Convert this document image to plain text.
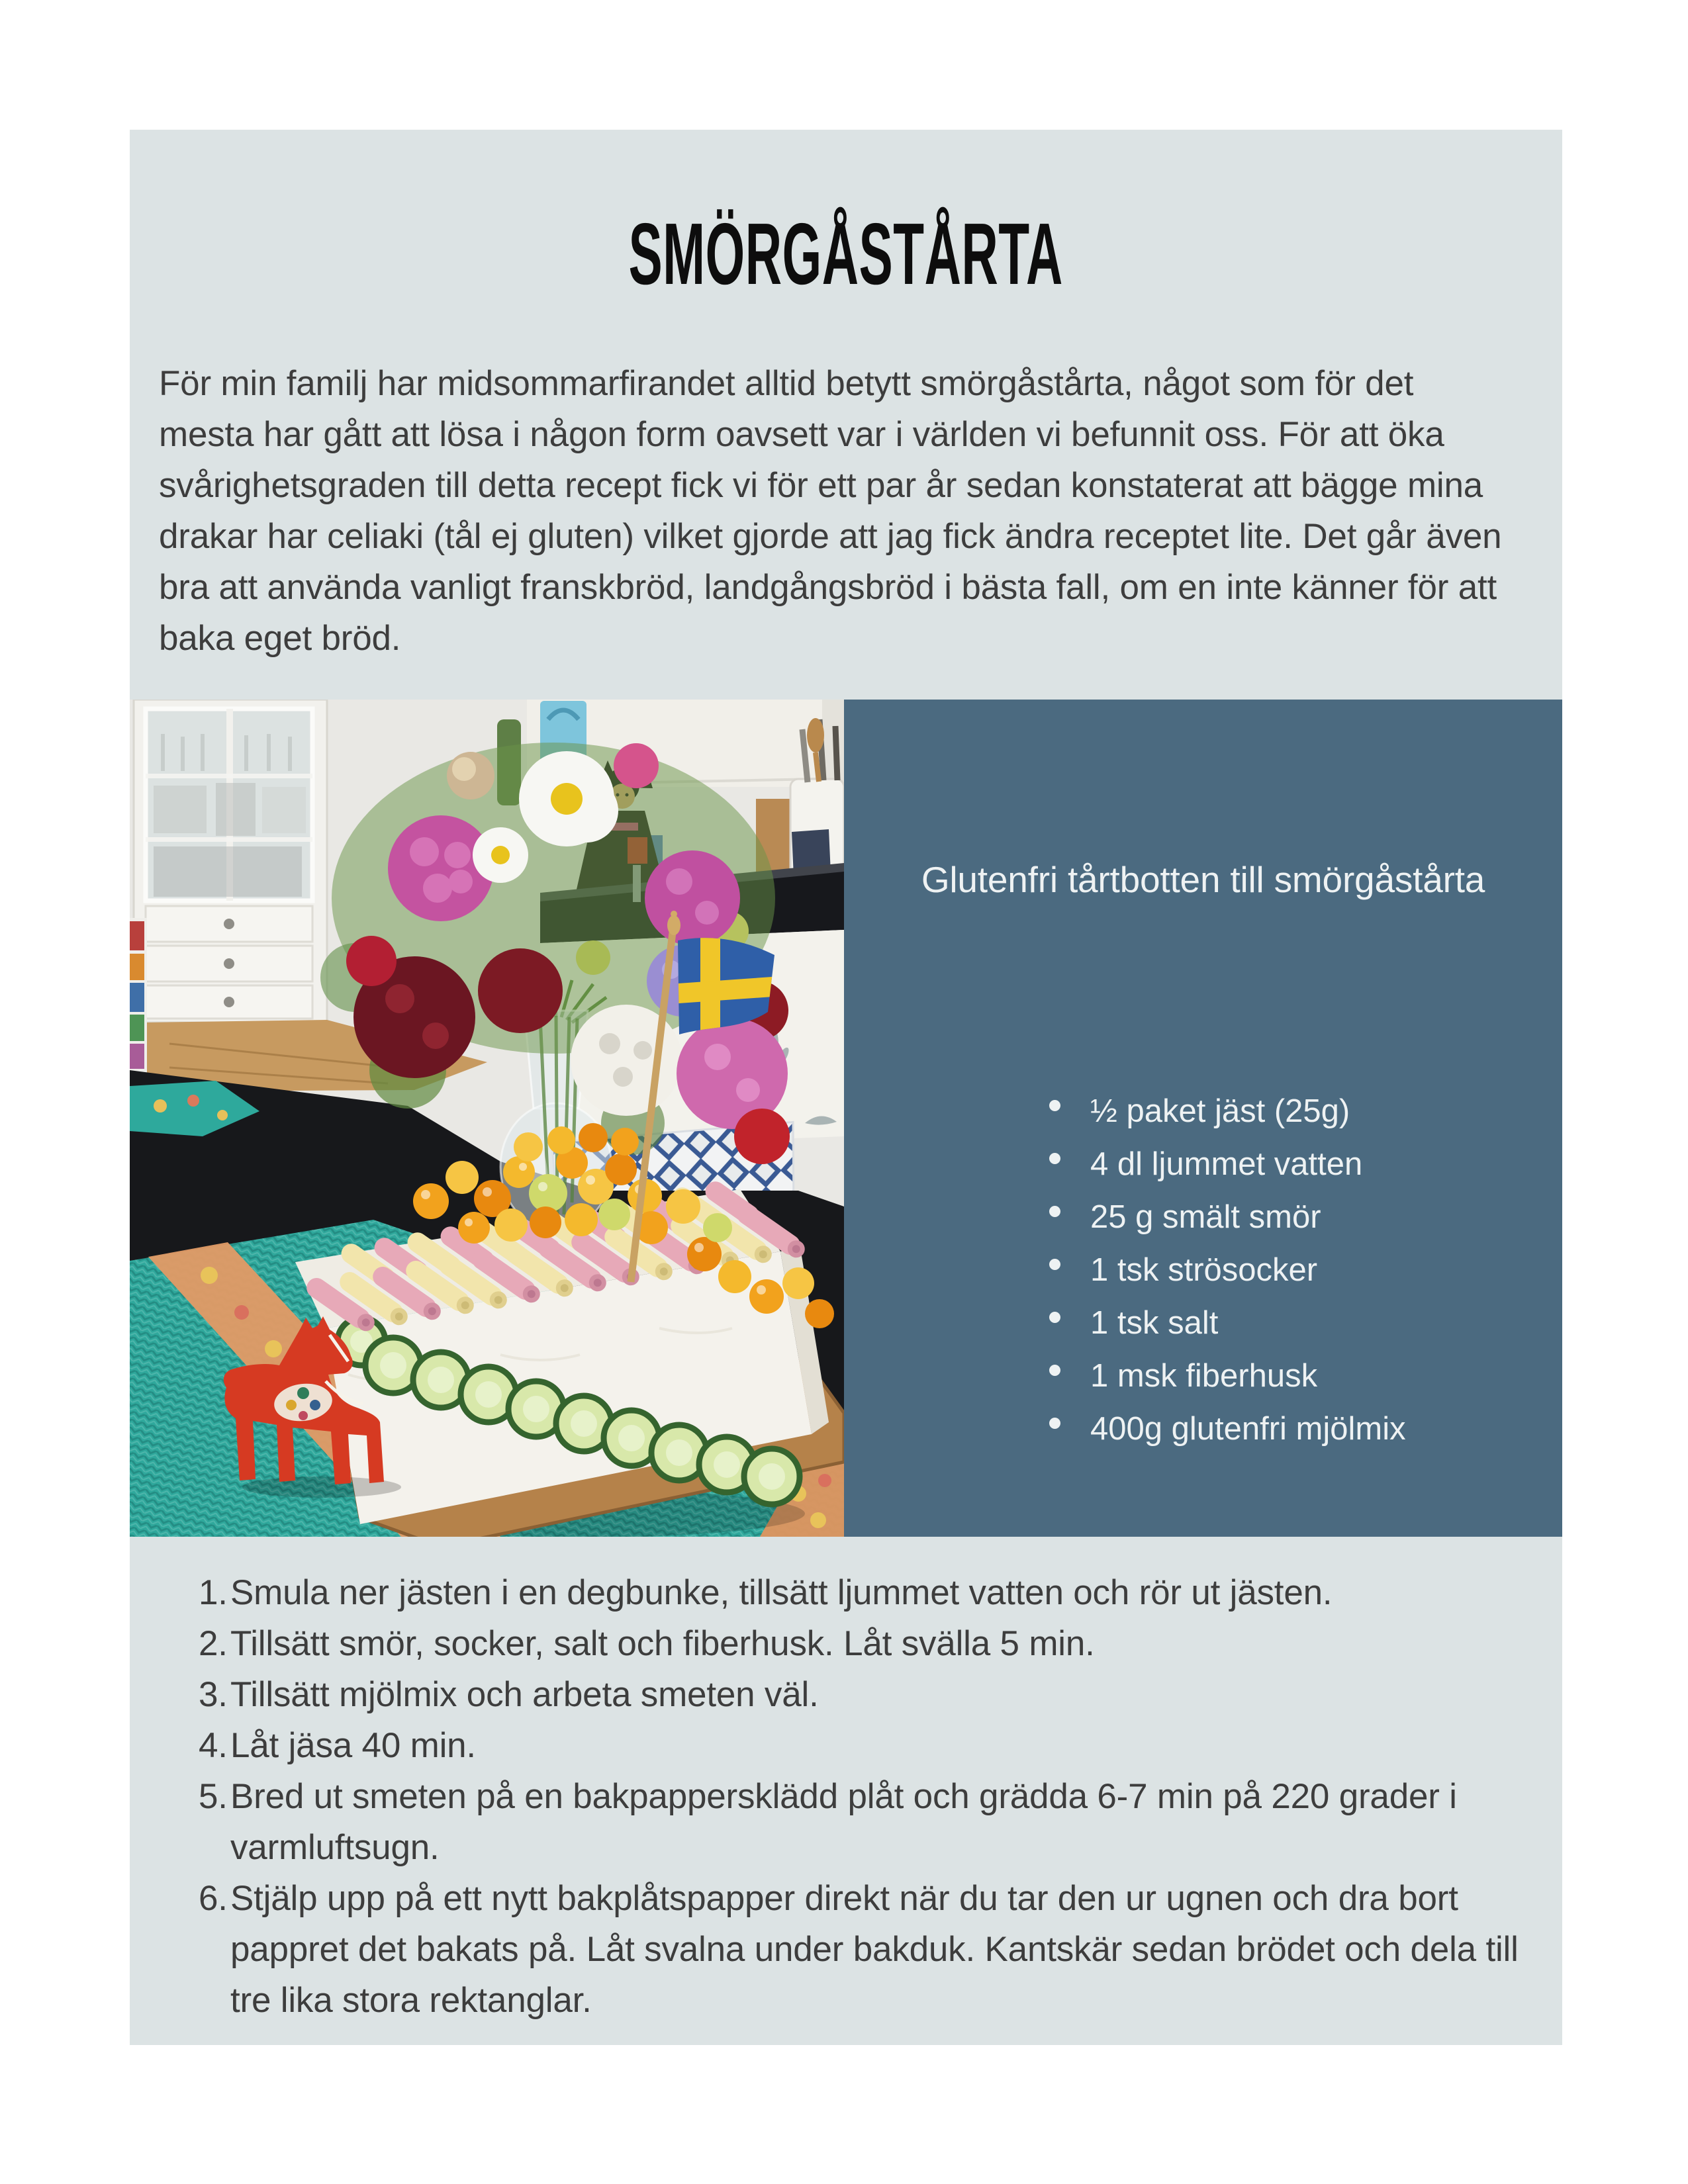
SMÖRGÅSTÅRTA

För min familj har midsommarfirandet alltid betytt smörgåstårta, något som för det mesta har gått att lösa i någon form oavsett var i världen vi befunnit oss. För att öka svårighetsgraden till detta recept fick vi för ett par år sedan konstaterat att bägge mina drakar har celiaki (tål ej gluten) vilket gjorde att jag fick ändra receptet lite. Det går även bra att använda vanligt franskbröd, landgångsbröd i bästa fall, om en inte känner för att baka eget bröd.

Glutenfri tårtbotten till smörgåstårta
½ paket jäst (25g)
4 dl ljummet vatten
25 g smält smör
1 tsk strösocker
1 tsk salt
1 msk fiberhusk
400g glutenfri mjölmix
Smula ner jästen i en degbunke, tillsätt ljummet vatten och rör ut jästen.
Tillsätt smör, socker, salt och fiberhusk. Låt svälla 5 min.
Tillsätt mjölmix och arbeta smeten väl.
Låt jäsa 40 min.
Bred ut smeten på en bakpappersklädd plåt och grädda 6-7 min på 220 grader i varmluftsugn.
Stjälp upp på ett nytt bakplåtspapper direkt när du tar den ur ugnen och dra bort pappret det bakats på. Låt svalna under bakduk. Kantskär sedan brödet och dela till tre lika stora rektanglar.
